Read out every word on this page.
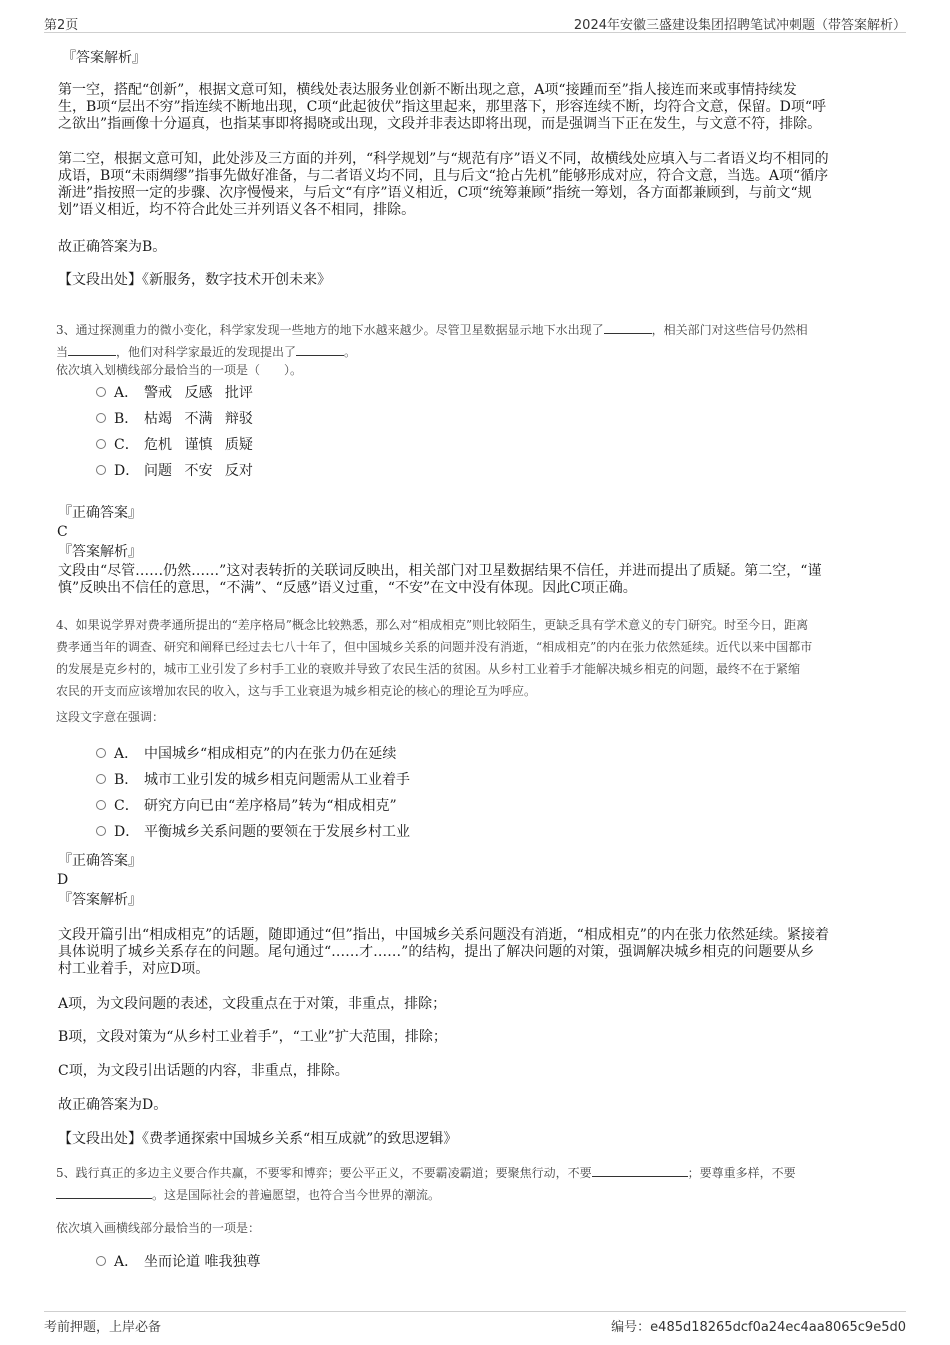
第2页	2024年安徽三盛建设集团招聘笔试冲刺题（带答案解析）
『答案解析』
第一空，搭配“创新”，根据文意可知，横线处表达服务业创新不断出现之意，A项“接踵而至”指人接连而来或事情持续发
生，B项“层出不穷”指连续不断地出现，C项“此起彼伏”指这里起来，那里落下，形容连续不断，均符合文意，保留。D项“呼
之欲出”指画像十分逼真，也指某事即将揭晓或出现，文段并非表达即将出现，而是强调当下正在发生，与文意不符，排除。
第二空，根据文意可知，此处涉及三方面的并列，“科学规划”与“规范有序”语义不同，故横线处应填入与二者语义均不相同的
成语，B项“未雨绸缪”指事先做好准备，与二者语义均不同，且与后文“抢占先机”能够形成对应，符合文意，当选。A项“循序
渐进”指按照一定的步骤、次序慢慢来，与后文“有序”语义相近，C项“统筹兼顾”指统一筹划，各方面都兼顾到，与前文“规
划”语义相近，均不符合此处三并列语义各不相同，排除。
故正确答案为B。
【文段出处】《新服务，数字技术开创未来》
3、通过探测重力的微小变化，科学家发现一些地方的地下水越来越少。尽管卫星数据显示地下水出现了	，相关部门对这些信号仍然相
当	，他们对科学家最近的发现提出了	。
依次填入划横线部分最恰当的一项是（　　）。
A． 警戒 反感 批评
B． 枯竭 不满 辩驳
C． 危机 谨慎 质疑
D． 问题 不安 反对
『正确答案』
C
『答案解析』
文段由“尽管……仍然……”这对表转折的关联词反映出，相关部门对卫星数据结果不信任，并进而提出了质疑。第二空，“谨
慎”反映出不信任的意思，“不满”、“反感”语义过重，“不安”在文中没有体现。因此C项正确。
4、如果说学界对费孝通所提出的“差序格局”概念比较熟悉，那么对“相成相克”则比较陌生，更缺乏具有学术意义的专门研究。时至今日，距离
费孝通当年的调查、研究和阐释已经过去七八十年了，但中国城乡关系的问题并没有消逝，“相成相克”的内在张力依然延续。近代以来中国都市
的发展是克乡村的，城市工业引发了乡村手工业的衰败并导致了农民生活的贫困。从乡村工业着手才能解决城乡相克的问题，最终不在于紧缩
农民的开支而应该增加农民的收入，这与手工业衰退为城乡相克论的核心的理论互为呼应。
这段文字意在强调：
A． 中国城乡“相成相克”的内在张力仍在延续
B． 城市工业引发的城乡相克问题需从工业着手
C． 研究方向已由“差序格局”转为“相成相克”
D． 平衡城乡关系问题的要领在于发展乡村工业
『正确答案』
D
『答案解析』
文段开篇引出“相成相克”的话题，随即通过“但”指出，中国城乡关系问题没有消逝，“相成相克”的内在张力依然延续。紧接着
具体说明了城乡关系存在的问题。尾句通过“……才……”的结构，提出了解决问题的对策，强调解决城乡相克的问题要从乡
村工业着手，对应D项。
A项，为文段问题的表述，文段重点在于对策，非重点，排除；
B项，文段对策为“从乡村工业着手”，“工业”扩大范围，排除；
C项，为文段引出话题的内容，非重点，排除。
故正确答案为D。
【文段出处】《费孝通探索中国城乡关系“相互成就”的致思逻辑》
5、践行真正的多边主义要合作共赢，不要零和博弈；要公平正义，不要霸凌霸道；要聚焦行动，不要	；要尊重多样，不要
。这是国际社会的普遍愿望，也符合当今世界的潮流。
依次填入画横线部分最恰当的一项是：
A． 坐而论道 唯我独尊
考前押题，上岸必备	编号：e485d18265dcf0a24ec4aa8065c9e5d0
